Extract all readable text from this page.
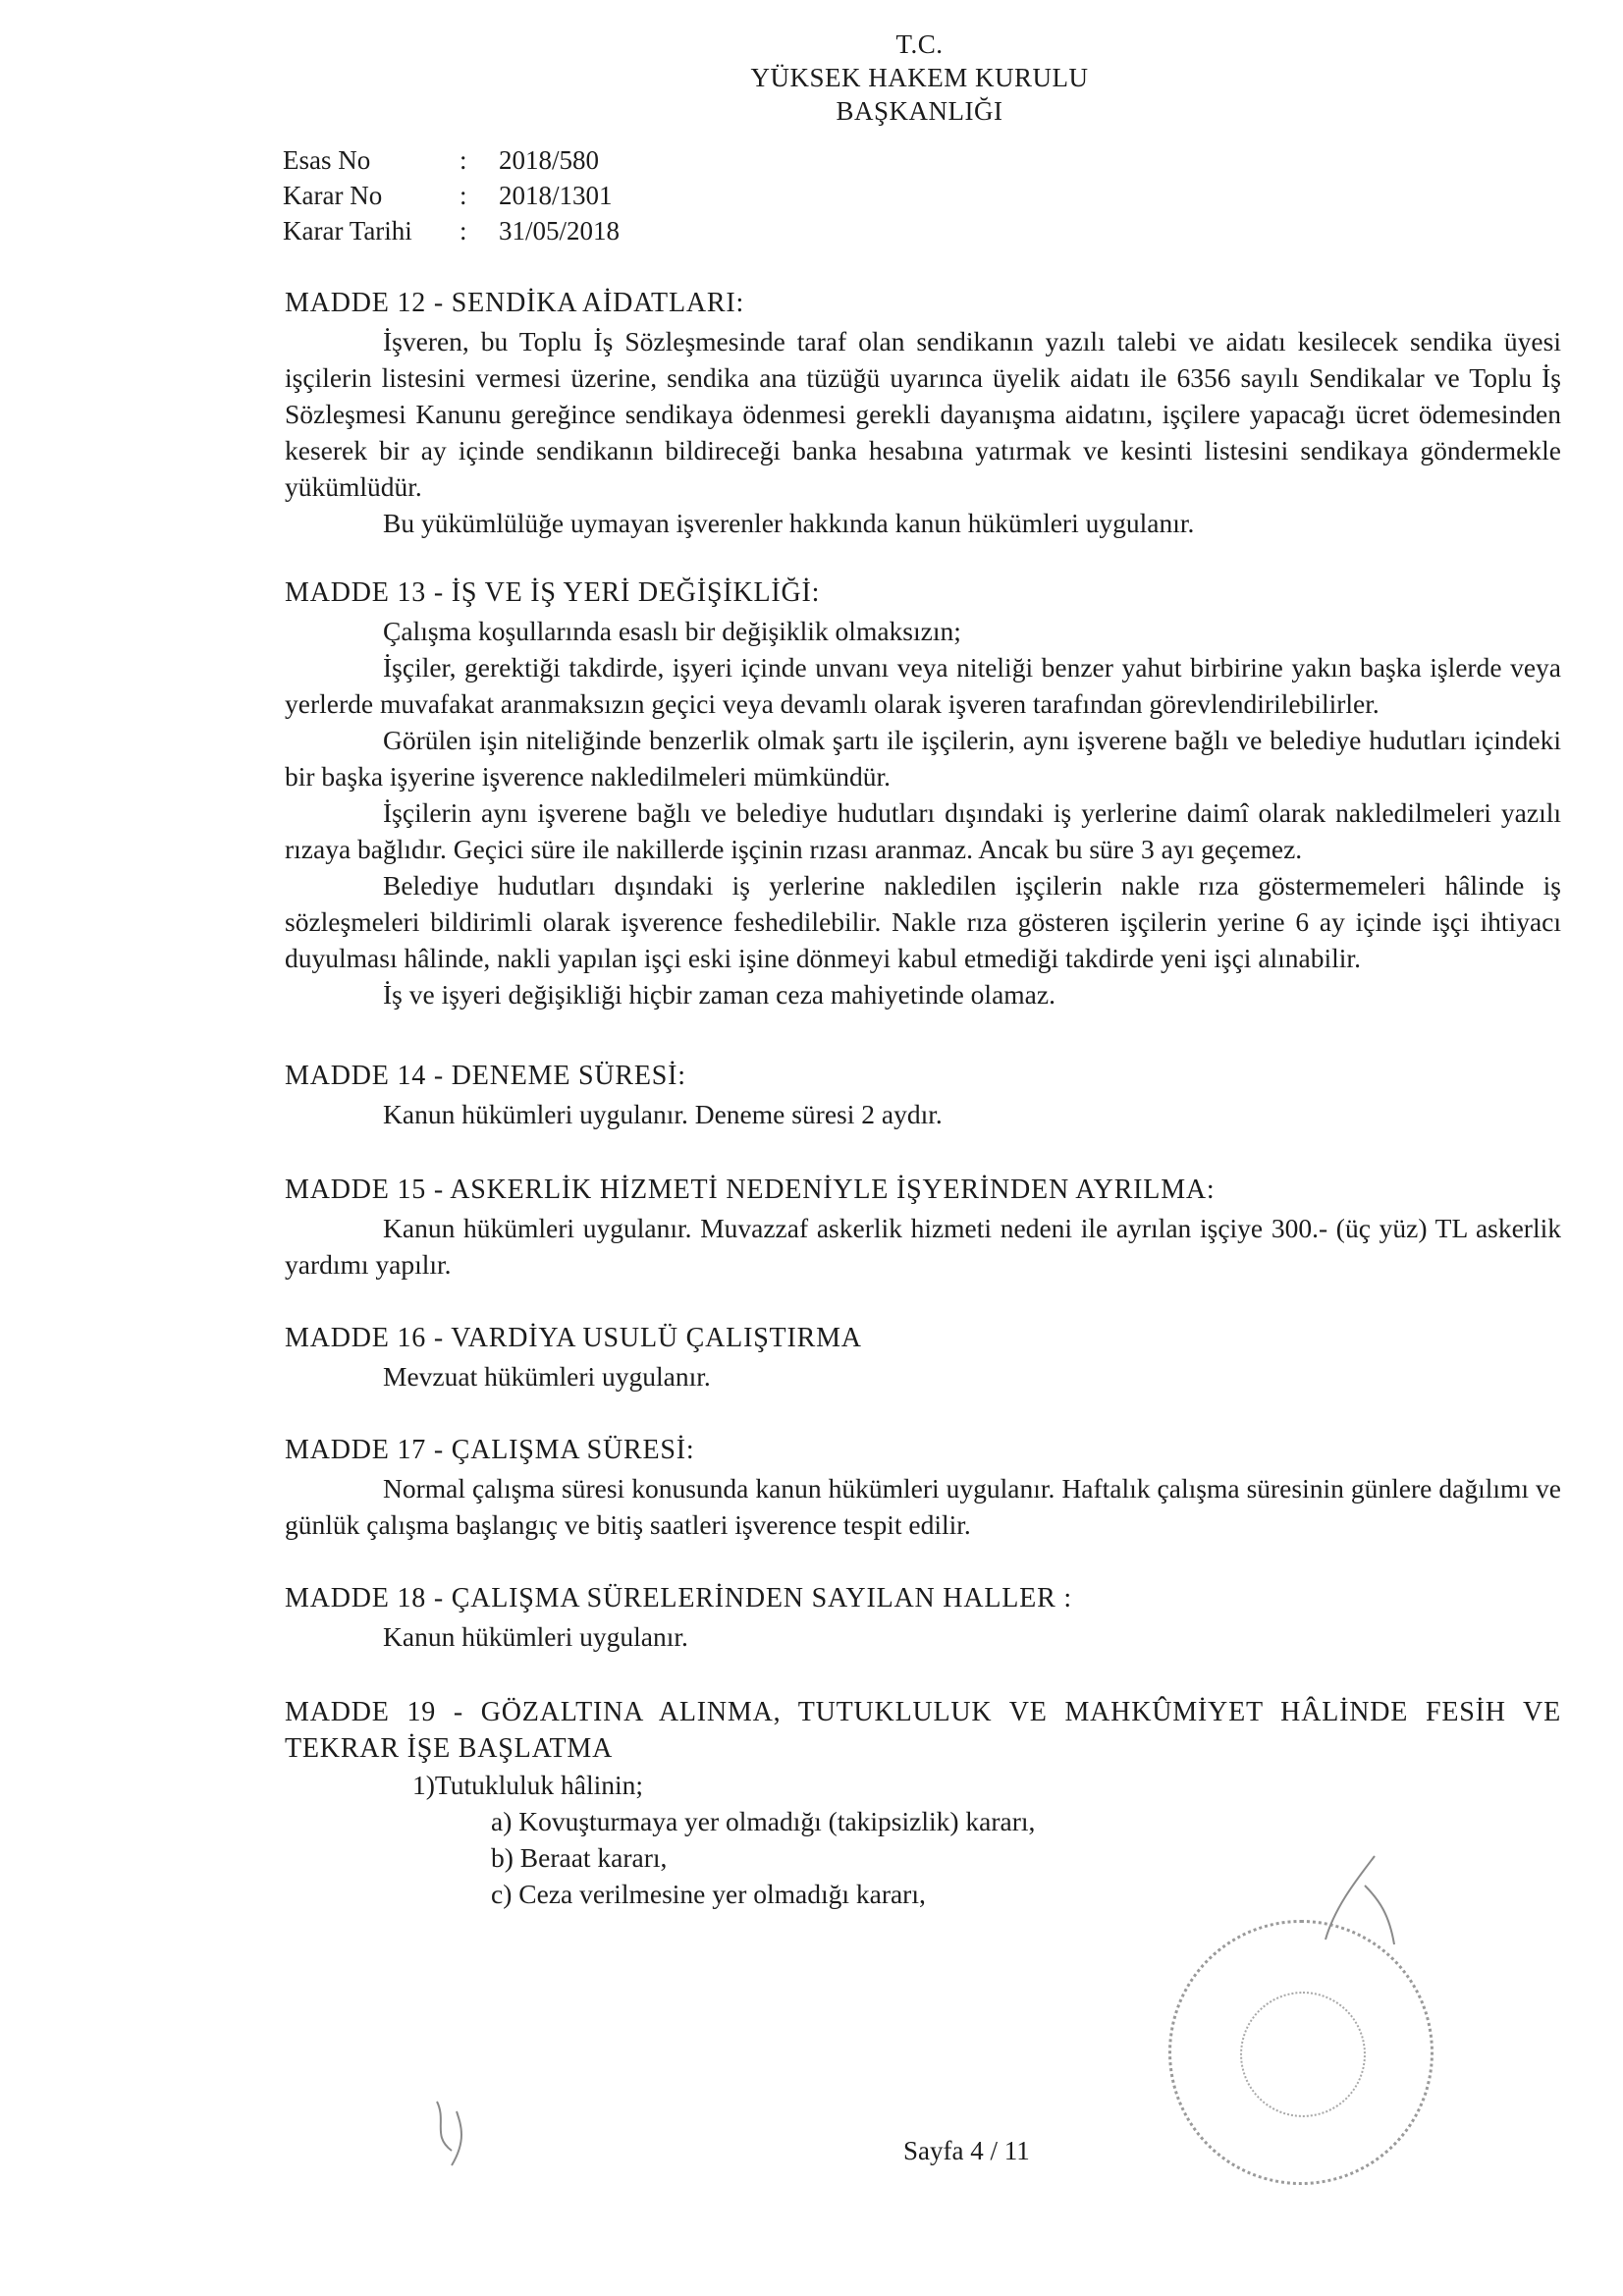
T.C.
YÜKSEK HAKEM KURULU
BAŞKANLIĞI
Esas No	:	2018/580
Karar No	:	2018/1301
Karar Tarihi	:	31/05/2018
MADDE 12 - SENDİKA AİDATLARI:

İşveren, bu Toplu İş Sözleşmesinde taraf olan sendikanın yazılı talebi ve aidatı kesilecek sendika üyesi işçilerin listesini vermesi üzerine, sendika ana tüzüğü uyarınca üyelik aidatı ile 6356 sayılı Sendikalar ve Toplu İş Sözleşmesi Kanunu gereğince sendikaya ödenmesi gerekli dayanışma aidatını, işçilere yapacağı ücret ödemesinden keserek bir ay içinde sendikanın bildireceği banka hesabına yatırmak ve kesinti listesini sendikaya göndermekle yükümlüdür.

Bu yükümlülüğe uymayan işverenler hakkında kanun hükümleri uygulanır.

MADDE 13 - İŞ VE İŞ YERİ DEĞİŞİKLİĞİ:

Çalışma koşullarında esaslı bir değişiklik olmaksızın;

İşçiler, gerektiği takdirde, işyeri içinde unvanı veya niteliği benzer yahut birbirine yakın başka işlerde veya yerlerde muvafakat aranmaksızın geçici veya devamlı olarak işveren tarafından görevlendirilebilirler.

Görülen işin niteliğinde benzerlik olmak şartı ile işçilerin, aynı işverene bağlı ve belediye hudutları içindeki bir başka işyerine işverence nakledilmeleri mümkündür.

İşçilerin aynı işverene bağlı ve belediye hudutları dışındaki iş yerlerine daimî olarak nakledilmeleri yazılı rızaya bağlıdır. Geçici süre ile nakillerde işçinin rızası aranmaz. Ancak bu süre 3 ayı geçemez.

Belediye hudutları dışındaki iş yerlerine nakledilen işçilerin nakle rıza göstermemeleri hâlinde iş sözleşmeleri bildirimli olarak işverence feshedilebilir. Nakle rıza gösteren işçilerin yerine 6 ay içinde işçi ihtiyacı duyulması hâlinde, nakli yapılan işçi eski işine dönmeyi kabul etmediği takdirde yeni işçi alınabilir.

İş ve işyeri değişikliği hiçbir zaman ceza mahiyetinde olamaz.

MADDE 14 - DENEME SÜRESİ:

Kanun hükümleri uygulanır. Deneme süresi 2 aydır.

MADDE 15 - ASKERLİK HİZMETİ NEDENİYLE İŞYERİNDEN AYRILMA:

Kanun hükümleri uygulanır. Muvazzaf askerlik hizmeti nedeni ile ayrılan işçiye 300.- (üç yüz) TL askerlik yardımı yapılır.

MADDE 16 - VARDİYA USULÜ ÇALIŞTIRMA

Mevzuat hükümleri uygulanır.

MADDE 17 - ÇALIŞMA SÜRESİ:

Normal çalışma süresi konusunda kanun hükümleri uygulanır. Haftalık çalışma süresinin günlere dağılımı ve günlük çalışma başlangıç ve bitiş saatleri işverence tespit edilir.

MADDE 18 - ÇALIŞMA SÜRELERİNDEN SAYILAN HALLER :

Kanun hükümleri uygulanır.

MADDE 19 - GÖZALTINA ALINMA, TUTUKLULUK VE MAHKÛMİYET HÂLİNDE FESİH VE TEKRAR İŞE BAŞLATMA

1)Tutukluluk hâlinin;

a) Kovuşturmaya yer olmadığı (takipsizlik) kararı,

b) Beraat kararı,

c) Ceza verilmesine yer olmadığı kararı,

Sayfa 4 / 11
